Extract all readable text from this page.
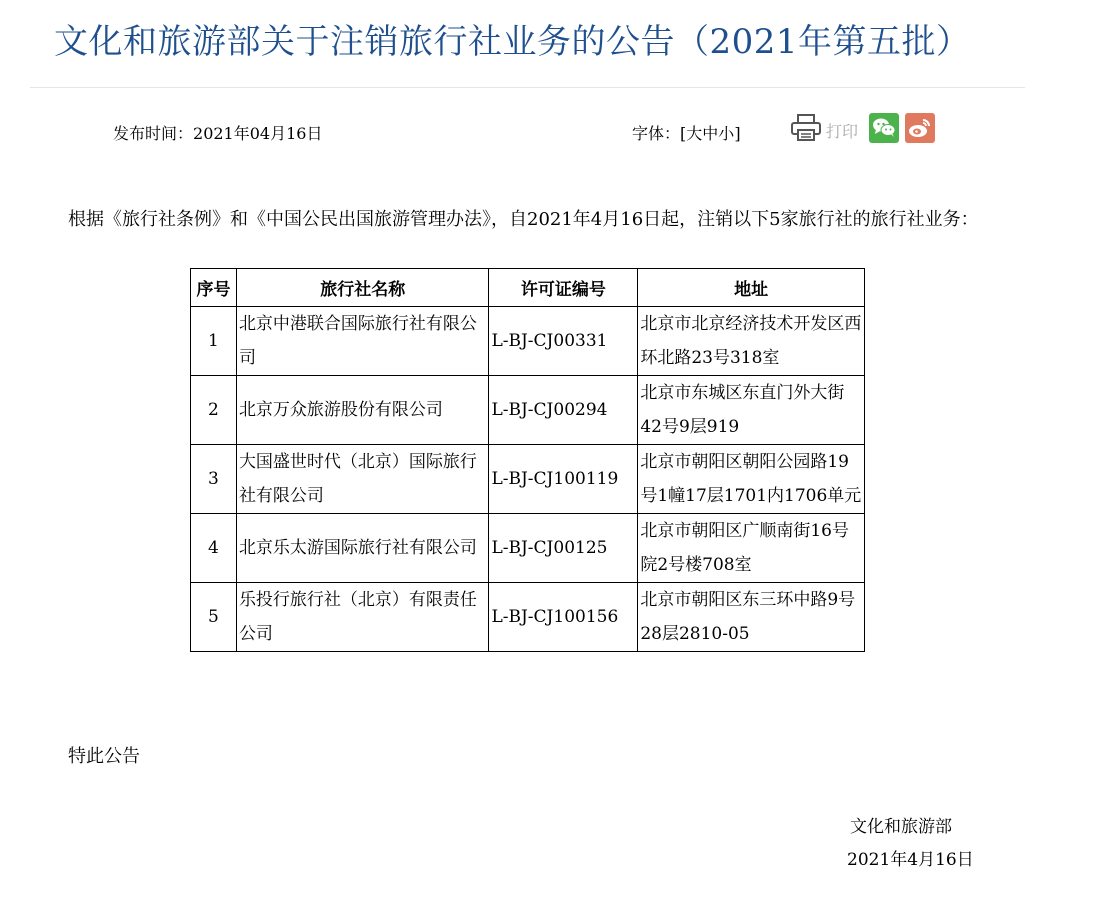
文化和旅游部关于注销旅行社业务的公告（2021年第五批）
发布时间：2021年04月16日	字体：[大中小]	打印

根据《旅行社条例》和《中国公民出国旅游管理办法》，自2021年4月16日起，注销以下5家旅行社的旅行社业务：

序号	旅行社名称	许可证编号	地址
1	北京中港联合国际旅行社有限公司	L-BJ-CJ00331	北京市北京经济技术开发区西环北路23号318室
2	北京万众旅游股份有限公司	L-BJ-CJ00294	北京市东城区东直门外大街42号9层919
3	大国盛世时代（北京）国际旅行社有限公司	L-BJ-CJ100119	北京市朝阳区朝阳公园路19号1幢17层1701内1706单元
4	北京乐太游国际旅行社有限公司	L-BJ-CJ00125	北京市朝阳区广顺南街16号院2号楼708室
5	乐投行旅行社（北京）有限责任公司	L-BJ-CJ100156	北京市朝阳区东三环中路9号28层2810-05
特此公告
文化和旅游部
2021年4月16日
